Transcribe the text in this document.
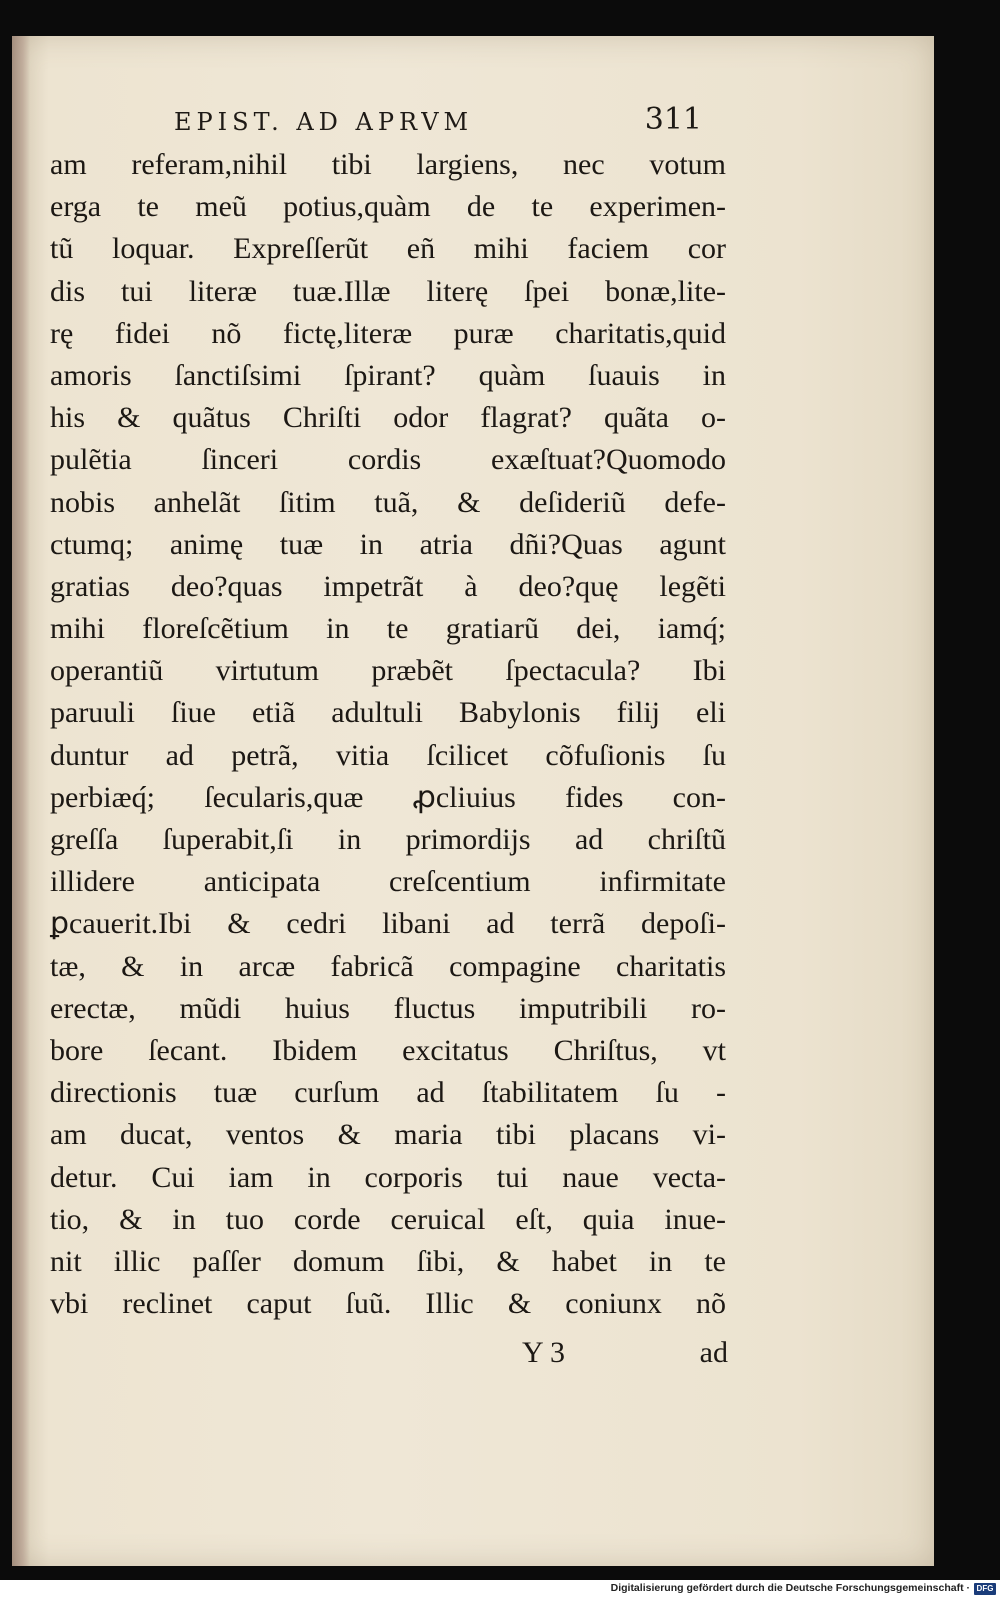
EPIST. AD APRVM	311
am referam,nihil tibi largiens, nec votum
erga te meũ potius,quàm de te experimen-
tũ loquar. Expreſſerũt eñ mihi faciem cor
dis tui literæ tuæ.Illæ literę ſpei bonæ,lite-
rę fidei nõ fictę,literæ puræ charitatis,quid
amoris ſanctiſsimi ſpirant? quàm ſuauis in
his & quãtus Chriſti odor flagrat? quãta o-
pulẽtia ſinceri cordis exæſtuat?Quomodo
nobis anhelãt ſitim tuã, & deſideriũ defe-
ctumq; animę tuæ in atria dñi?Quas agunt
gratias deo?quas impetrãt à deo?quę legẽti
mihi floreſcẽtium in te gratiarũ dei, iamq́;
operantiũ virtutum præbẽt ſpectacula? Ibi
paruuli ſiue etiã adultuli Babylonis filij eli
duntur ad petrã, vitia ſcilicet cõfuſionis ſu
perbiæq́; ſecularis,quæ ꝓcliuius fides con-
greſſa ſuperabit,ſi in primordijs ad chriſtũ
illidere anticipata creſcentium infirmitate
ꝑcauerit.Ibi & cedri libani ad terrã depoſi-
tæ, & in arcæ fabricã compagine charitatis
erectæ, mũdi huius fluctus imputribili ro-
bore ſecant. Ibidem excitatus Chriſtus, vt
directionis tuæ curſum ad ſtabilitatem ſu -
am ducat, ventos & maria tibi placans vi-
detur. Cui iam in corporis tui naue vecta-
tio, & in tuo corde ceruical eſt, quia inue-
nit illic paſſer domum ſibi, & habet in te
vbi reclinet caput ſuũ. Illic & coniunx nõ
Y 3	ad
Digitalisierung gefördert durch die Deutsche Forschungsgemeinschaft · DFG
